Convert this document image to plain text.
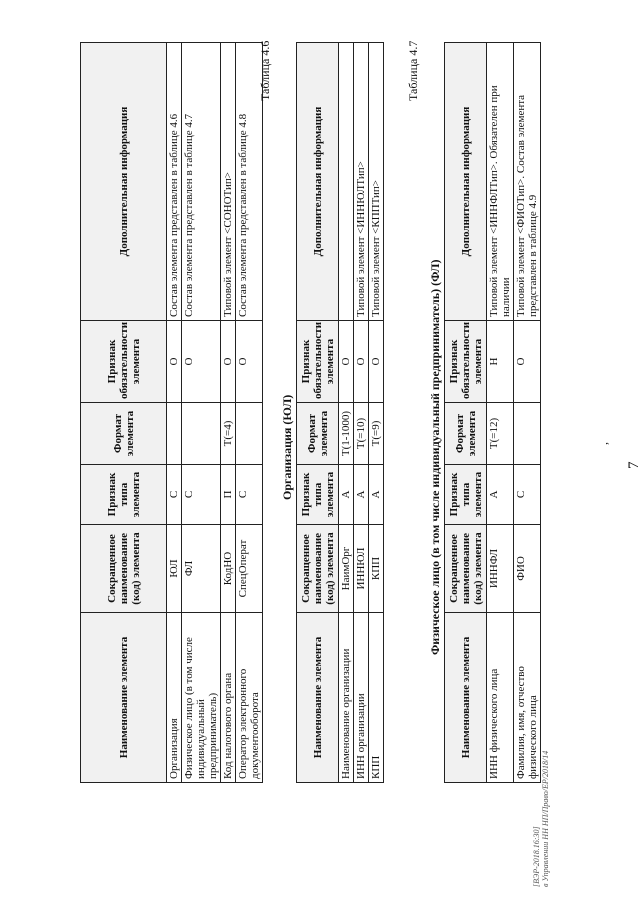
,
7
Наименование элемента	Сокращенное наименование (код) элемента	Признак типа элемента	Формат элемента	Признак обязательности элемента	Дополнительная информация
Организация	ЮЛ	С		О	Состав элемента представлен в таблице 4.6
Физическое лицо (в том числе индивидуальный предприниматель)	ФЛ	С		О	Состав элемента представлен в таблице 4.7
Код налогового органа	КодНО	П	T(=4)	О	Типовой элемент <СОНОТип>
Оператор электронного документооборота	СпецОперат	С		О	Состав элемента представлен в таблице 4.8
Таблица 4.6
Организация (ЮЛ)
Наименование элемента	Сокращенное наименование (код) элемента	Признак типа элемента	Формат элемента	Признак обязательности элемента	Дополнительная информация
Наименование организации	НаимОрг	А	T(1-1000)	О	
ИНН организации	ИННЮЛ	А	T(=10)	О	Типовой элемент <ИННЮЛТип>
КПП	КПП	А	T(=9)	О	Типовой элемент <КППТип>
Таблица 4.7
Физическое лицо (в том числе индивидуальный предприниматель) (ФЛ)
Наименование элемента	Сокращенное наименование (код) элемента	Признак типа элемента	Формат элемента	Признак обязательности элемента	Дополнительная информация
ИНН физического лица	ИННФЛ	А	T(=12)	Н	Типовой элемент <ИННФЛТип>. Обязателен при наличии
Фамилия, имя, отчество физического лица	ФИО	С		О	Типовой элемент <ФИОТип>. Состав элемента представлен в таблице 4.9
[ВЭР-2018.16:30] в Управлении НН НП/Право/ЕР/2018/14
